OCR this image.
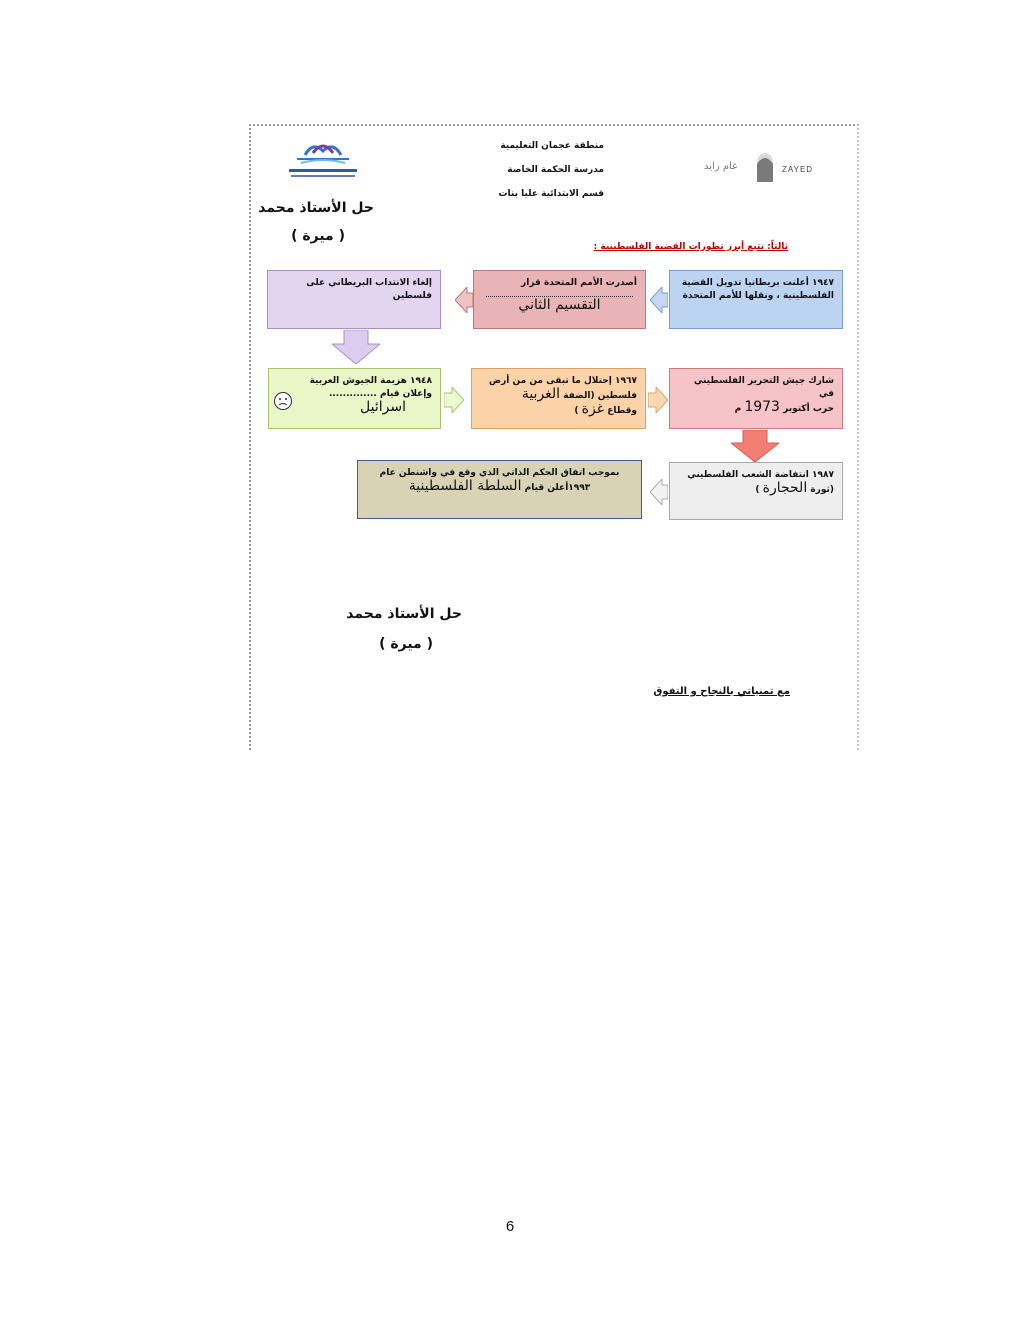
منطقة عجمان التعليمية
مدرسة الحكمة الخاصة
قسم الابتدائية عليا بنات
عام زايد	ZAYED
حل الأستاذ محمد
( ميرة )
ثالثاً: تتبع أبرز تطورات القضية الفلسطينية :
١٩٤٧ أعلنت بريطانيا تدويل القضية الفلسطينية ، ونقلها للأمم المتحدة
أصدرت الأمم المتحدة قرار
التقسيم الثاني
إلغاء الانتداب البريطاني على فلسطين
١٩٤٨ هزيمة الجيوش العربية
وإعلان قيام ..............
اسرائيل
١٩٦٧ إحتلال ما تبقى من من أرض
فلسطين (الضفة الغربية
وقطاع غزة )
شارك جيش التحرير الفلسطيني في
حرب أكتوبر 1973 م
١٩٨٧ انتفاضة الشعب الفلسطيني
(ثورة الحجارة )
بموجب اتفاق الحكم الذاتي الذي وقع في واشنطن عام
١٩٩٣أعلن قيام السلطة الفلسطينية
حل الأستاذ محمد
( ميرة )
مع تمنياتي بالنجاح و التفوق
6
